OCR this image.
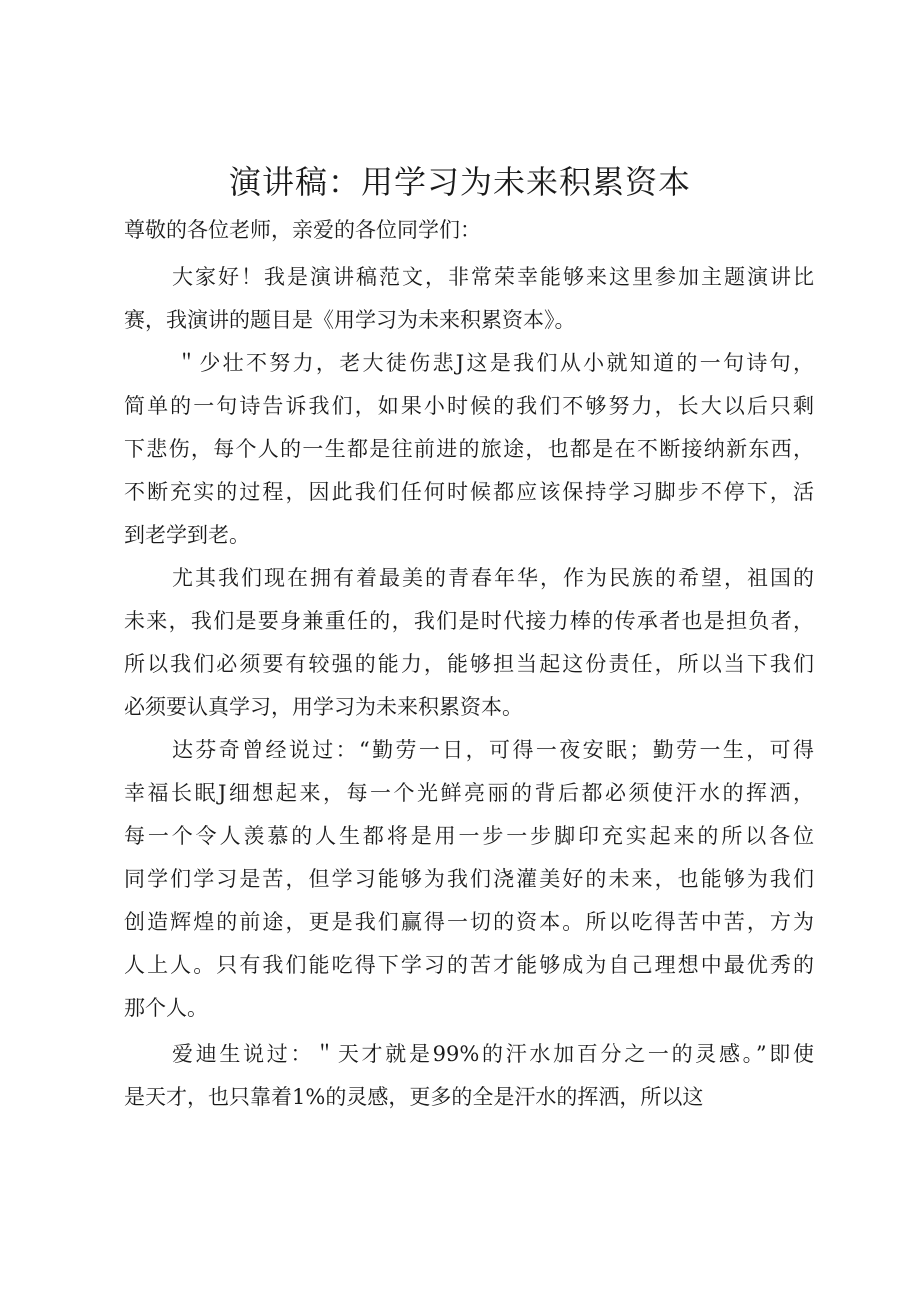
演讲稿：用学习为未来积累资本

尊敬的各位老师，亲爱的各位同学们：

大家好！我是演讲稿范文，非常荣幸能够来这里参加主题演讲比

赛，我演讲的题目是《用学习为未来积累资本》。

＂少壮不努力，老大徒伤悲J这是我们从小就知道的一句诗句，

简单的一句诗告诉我们，如果小时候的我们不够努力，长大以后只剩

下悲伤，每个人的一生都是往前进的旅途，也都是在不断接纳新东西，

不断充实的过程，因此我们任何时候都应该保持学习脚步不停下，活

到老学到老。

尤其我们现在拥有着最美的青春年华，作为民族的希望，祖国的

未来，我们是要身兼重任的，我们是时代接力棒的传承者也是担负者，

所以我们必须要有较强的能力，能够担当起这份责任，所以当下我们

必须要认真学习，用学习为未来积累资本。

达芬奇曾经说过：“勤劳一日，可得一夜安眠；勤劳一生，可得

幸福长眠J细想起来，每一个光鲜亮丽的背后都必须使汗水的挥洒，

每一个令人羡慕的人生都将是用一步一步脚印充实起来的所以各位

同学们学习是苦，但学习能够为我们浇灌美好的未来，也能够为我们

创造辉煌的前途，更是我们赢得一切的资本。所以吃得苦中苦，方为

人上人。只有我们能吃得下学习的苦才能够成为自己理想中最优秀的

那个人。

爱迪生说过：＂天才就是99%的汗水加百分之一的灵感。”即使

是天才，也只靠着1%的灵感，更多的全是汗水的挥洒，所以这
